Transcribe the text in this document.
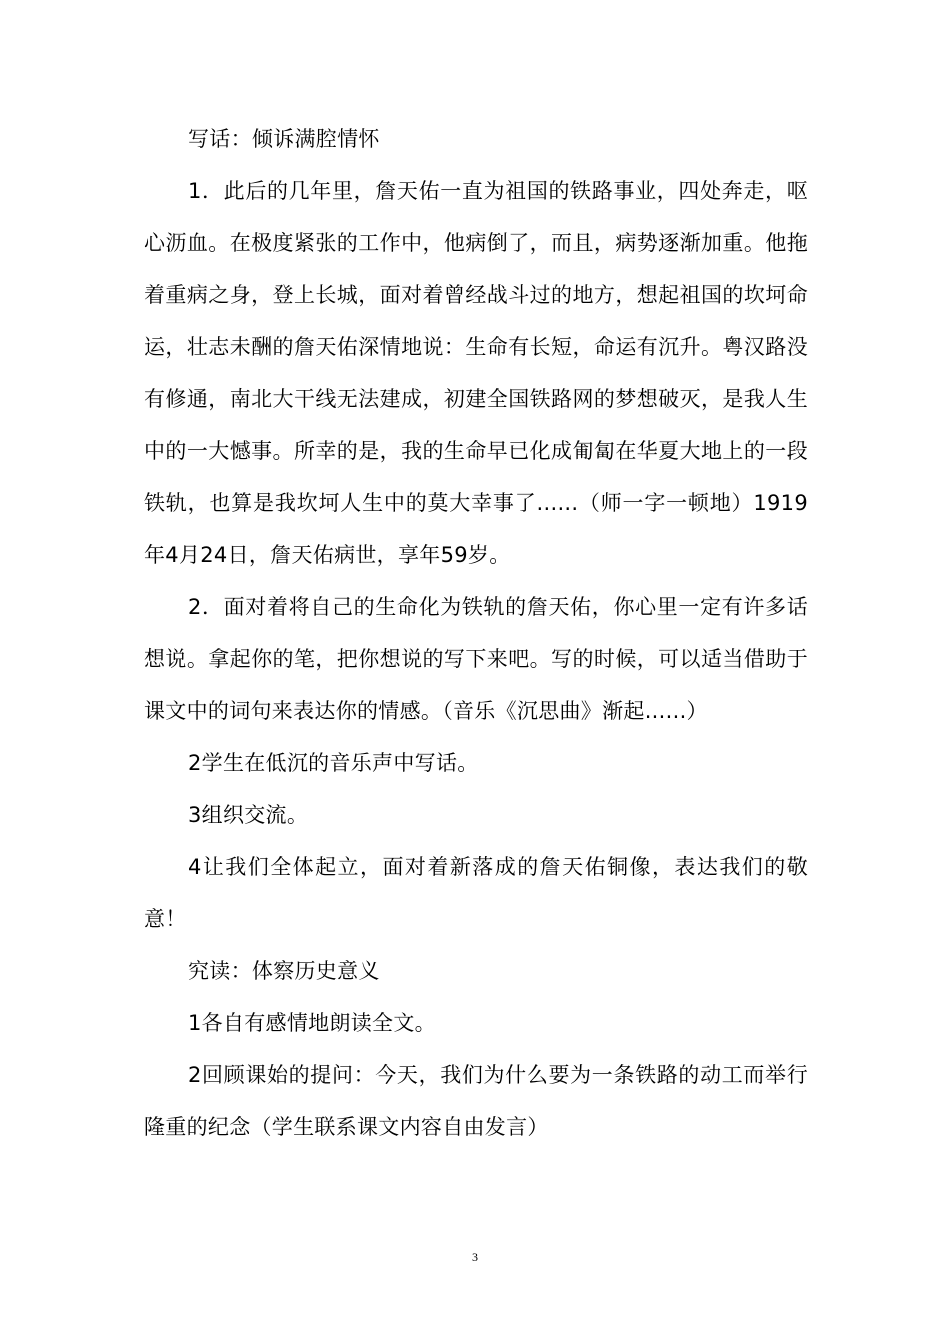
写话：倾诉满腔情怀

1．此后的几年里，詹天佑一直为祖国的铁路事业，四处奔走，呕心沥血。在极度紧张的工作中，他病倒了，而且，病势逐渐加重。他拖着重病之身，登上长城，面对着曾经战斗过的地方，想起祖国的坎坷命运，壮志未酬的詹天佑深情地说：生命有长短，命运有沉升。粤汉路没有修通，南北大干线无法建成，初建全国铁路网的梦想破灭，是我人生中的一大憾事。所幸的是，我的生命早已化成匍匐在华夏大地上的一段铁轨，也算是我坎坷人生中的莫大幸事了......（师一字一顿地）1919年4月24日，詹天佑病世，享年59岁。

2．面对着将自己的生命化为铁轨的詹天佑，你心里一定有许多话想说。拿起你的笔，把你想说的写下来吧。写的时候，可以适当借助于课文中的词句来表达你的情感。（音乐《沉思曲》渐起......）

2学生在低沉的音乐声中写话。

3组织交流。

4让我们全体起立，面对着新落成的詹天佑铜像，表达我们的敬意！

究读：体察历史意义

1各自有感情地朗读全文。

2回顾课始的提问：今天，我们为什么要为一条铁路的动工而举行隆重的纪念（学生联系课文内容自由发言）

3
